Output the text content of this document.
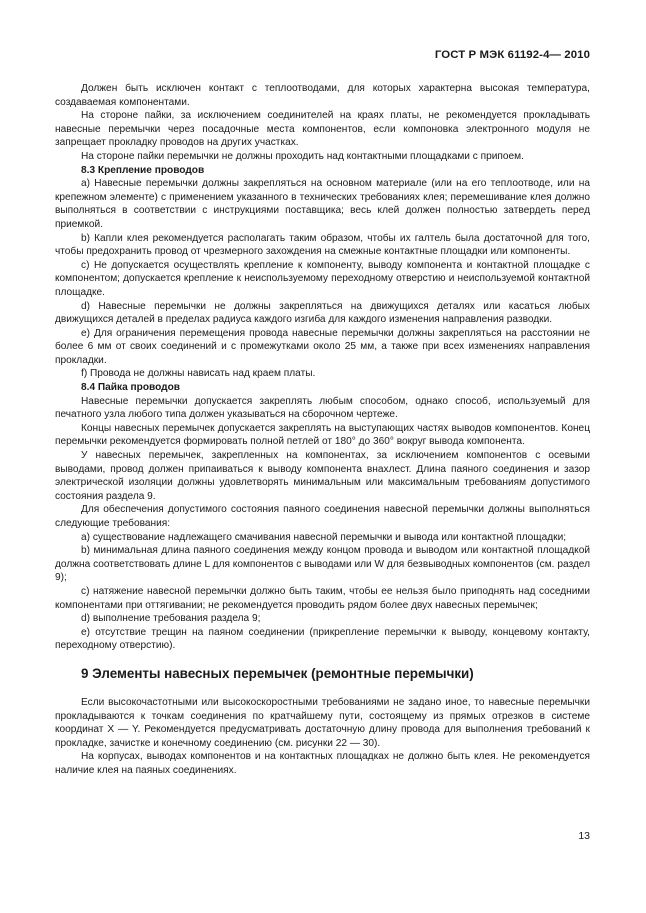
ГОСТ Р МЭК 61192-4— 2010

Должен быть исключен контакт с теплоотводами, для которых характерна высокая температура, создаваемая компонентами.

На стороне пайки, за исключением соединителей на краях платы, не рекомендуется прокладывать навесные перемычки через посадочные места компонентов, если компоновка электронного модуля не запрещает прокладку проводов на других участках.

На стороне пайки перемычки не должны проходить над контактными площадками с припоем.

8.3 Крепление проводов

а) Навесные перемычки должны закрепляться на основном материале (или на его теплоотводе, или на крепежном элементе) с применением указанного в технических требованиях клея; перемешивание клея должно выполняться в соответствии с инструкциями поставщика; весь клей должен полностью затвердеть перед приемкой.

b) Капли клея рекомендуется располагать таким образом, чтобы их галтель была достаточной для того, чтобы предохранить провод от чрезмерного захождения на смежные контактные площадки или компоненты.

с) Не допускается осуществлять крепление к компоненту, выводу компонента и контактной площадке с компонентом; допускается крепление к неиспользуемому переходному отверстию и неиспользуемой контактной площадке.

d) Навесные перемычки не должны закрепляться на движущихся деталях или касаться любых движущихся деталей в пределах радиуса каждого изгиба для каждого изменения направления разводки.

е) Для ограничения перемещения провода навесные перемычки должны закрепляться на расстоянии не более 6 мм от своих соединений и с промежутками около 25 мм, а также при всех изменениях направления прокладки.

f) Провода не должны нависать над краем платы.

8.4 Пайка проводов

Навесные перемычки допускается закреплять любым способом, однако способ, используемый для печатного узла любого типа должен указываться на сборочном чертеже.

Концы навесных перемычек допускается закреплять на выступающих частях выводов компонентов. Конец перемычки рекомендуется формировать полной петлей от 180° до 360° вокруг вывода компонента.

У навесных перемычек, закрепленных на компонентах, за исключением компонентов с осевыми выводами, провод должен припаиваться к выводу компонента внахлест. Длина паяного соединения и зазор электрической изоляции должны удовлетворять минимальным или максимальным требованиям допустимого состояния раздела 9.

Для обеспечения допустимого состояния паяного соединения навесной перемычки должны выполняться следующие требования:

а) существование надлежащего смачивания навесной перемычки и вывода или контактной площадки;

b) минимальная длина паяного соединения между концом провода и выводом или контактной площадкой должна соответствовать длине L для компонентов с выводами или W для безвыводных компонентов (см. раздел 9);

с) натяжение навесной перемычки должно быть таким, чтобы ее нельзя было приподнять над соседними компонентами при оттягивании; не рекомендуется проводить рядом более двух навесных перемычек;

d) выполнение требования раздела 9;

е) отсутствие трещин на паяном соединении (прикрепление перемычки к выводу, концевому контакту, переходному отверстию).

9 Элементы навесных перемычек (ремонтные перемычки)

Если высокочастотными или высокоскоростными требованиями не задано иное, то навесные перемычки прокладываются к точкам соединения по кратчайшему пути, состоящему из прямых отрезков в системе координат X — Y. Рекомендуется предусматривать достаточную длину провода для выполнения требований к прокладке, зачистке и конечному соединению (см. рисунки 22 — 30).

На корпусах, выводах компонентов и на контактных площадках не должно быть клея. Не рекомендуется наличие клея на паяных соединениях.

13
